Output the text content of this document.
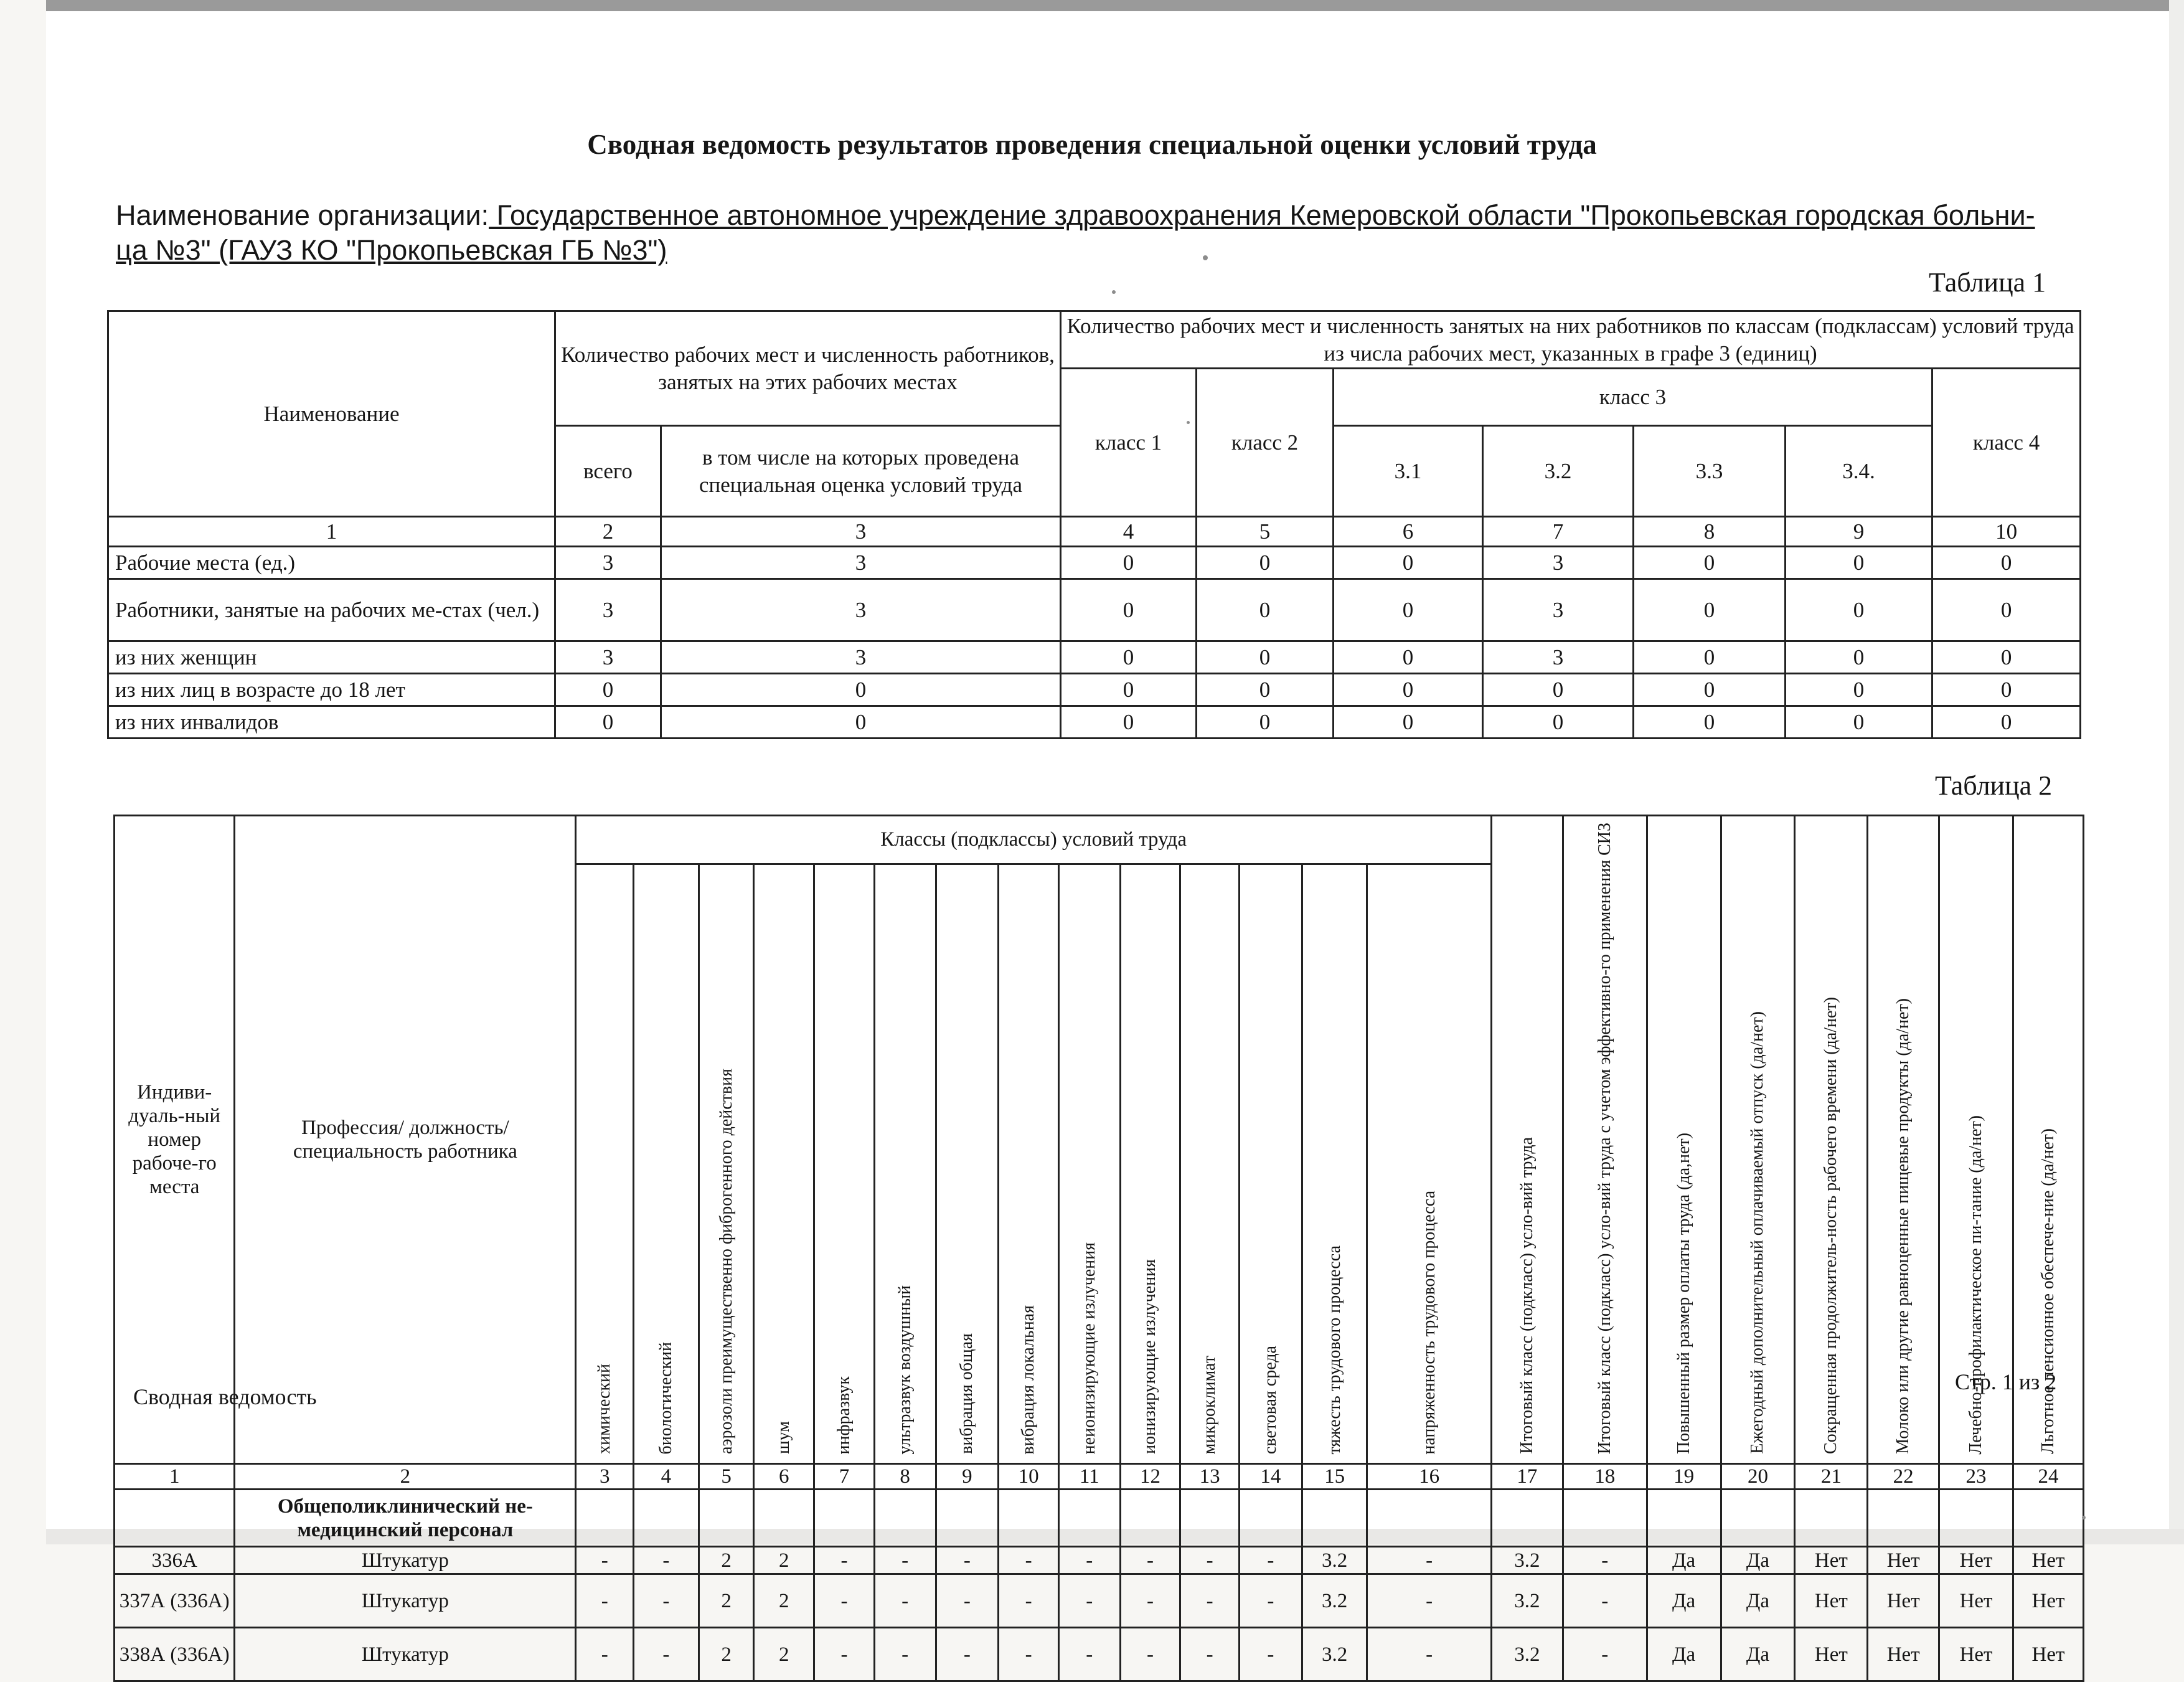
Сводная ведомость результатов проведения специальной оценки условий труда
Наименование организации: Государственное автономное учреждение здравоохранения Кемеровской области "Прокопьевская городская больни-ца №3" (ГАУЗ КО "Прокопьевская ГБ №3")
Таблица 1
Наименование	Количество рабочих мест и численность работников, занятых на этих рабочих местах		Количество рабочих мест и численность занятых на них работников по классам (подклассам) условий труда из числа рабочих мест, указанных в графе 3 (единиц)						
			класс 1	класс 2	класс 3				класс 4
	всего	в том числе на которых проведена специальная оценка условий труда			3.1	3.2	3.3	3.4.	
1	2	3	4	5	6	7	8	9	10
Рабочие места (ед.)	3	3	0	0	0	3	0	0	0
Работники, занятые на рабочих ме-стах (чел.)	3	3	0	0	0	3	0	0	0
из них женщин	3	3	0	0	0	3	0	0	0
из них лиц в возрасте до 18 лет	0	0	0	0	0	0	0	0	0
из них инвалидов	0	0	0	0	0	0	0	0	0
Таблица 2
Индиви-дуаль-ный номер рабоче-го места	Профессия/ должность/ специальность работника	Классы (подклассы) условий труда														Итоговый класс (подкласс) усло-вий труда	Итоговый класс (подкласс) усло-вий труда с учетом эффективно-го применения СИЗ	Повышенный размер оплаты труда (да,нет)	Ежегодный дополнительный оплачиваемый отпуск (да/нет)	Сокращенная продолжитель-ность рабочего времени (да/нет)	Молоко или другие равноценные пищевые продукты (да/нет)	Лечебно-профилактическое пи-тание (да/нет)	Льготное пенсионное обеспече-ние (да/нет)

		химический	биологический	аэрозоли преимущественно фиброгенного действия	шум	инфразвук	ультразвук воздушный	вибрация общая	вибрация локальная	неионизирующие излучения	ионизирующие излучения	микроклимат	световая среда	тяжесть трудового процесса	напряженность трудового процесса								

1	2	3	4	5	6	7	8	9	10	11	12	13	14	15	16	17	18	19	20	21	22	23	24
	Общеполиклинический не-медицинский персонал																						
336А	Штукатур	-	-	2	2	-	-	-	-	-	-	-	-	3.2	-	3.2	-	Да	Да	Нет	Нет	Нет	Нет
337А (336А)	Штукатур	-	-	2	2	-	-	-	-	-	-	-	-	3.2	-	3.2	-	Да	Да	Нет	Нет	Нет	Нет
338А (336А)	Штукатур	-	-	2	2	-	-	-	-	-	-	-	-	3.2	-	3.2	-	Да	Да	Нет	Нет	Нет	Нет
Сводная ведомость
Стр. 1 из 2
